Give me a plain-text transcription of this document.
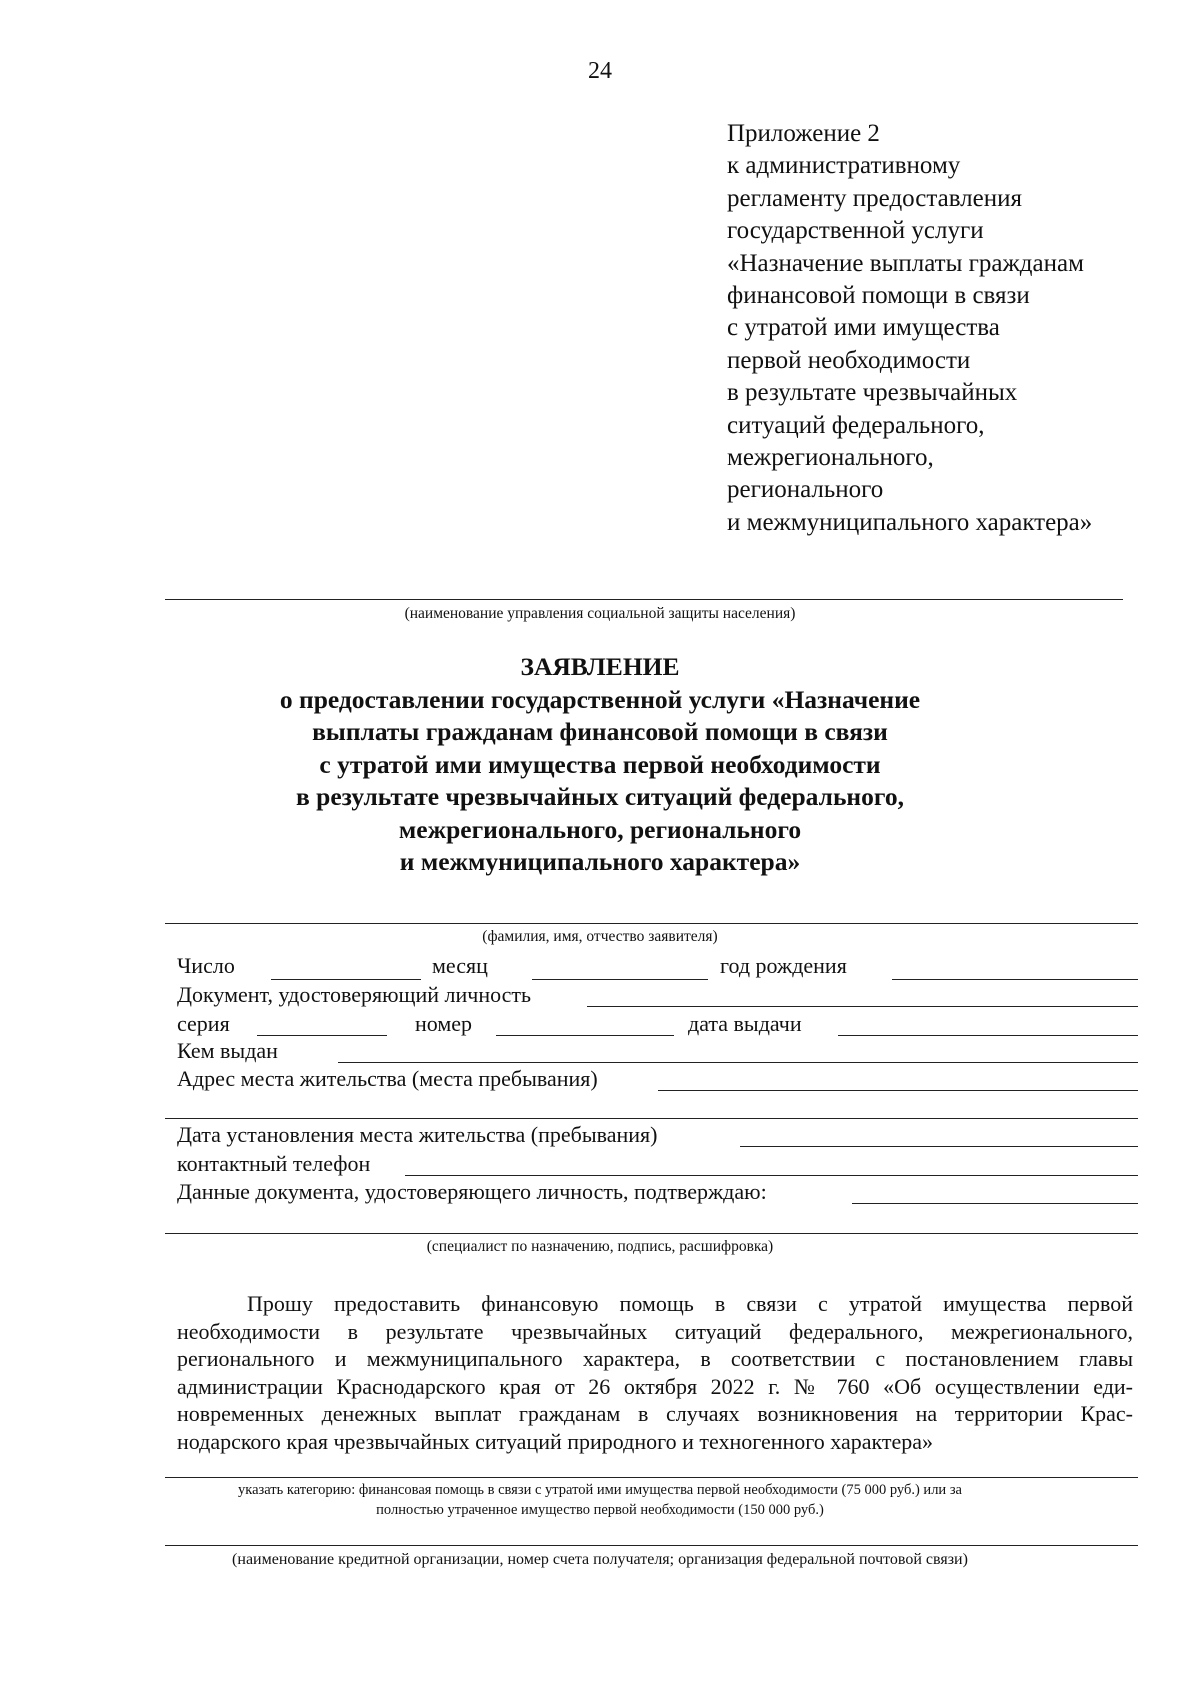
24
Приложение 2
к административному
регламенту предоставления
государственной услуги
«Назначение выплаты гражданам
финансовой помощи в связи
с утратой ими имущества
первой необходимости
в результате чрезвычайных
ситуаций федерального,
межрегионального,
регионального
и межмуниципального характера»
(наименование управления социальной защиты населения)
ЗАЯВЛЕНИЕ
о предоставлении государственной услуги «Назначение
выплаты гражданам финансовой помощи в связи
с утратой ими имущества первой необходимости
в результате чрезвычайных ситуаций федерального,
межрегионального, регионального
и межмуниципального характера»
(фамилия, имя, отчество заявителя)
Число	месяц	год рождения
Документ, удостоверяющий личность
серия	номер	дата выдачи
Кем выдан
Адрес места жительства (места пребывания)
Дата установления места жительства (пребывания)
контактный телефон
Данные документа, удостоверяющего личность, подтверждаю:
(специалист по назначению, подпись, расшифровка)
Прошу предоставить финансовую помощь в связи с утратой имущества первой
необходимости в результате чрезвычайных ситуаций федерального, межрегионального,
регионального и межмуниципального характера, в соответствии с постановлением главы
администрации Краснодарского края от 26 октября 2022 г. № 760 «Об осуществлении еди-
новременных денежных выплат гражданам в случаях возникновения на территории Крас-
нодарского края чрезвычайных ситуаций природного и техногенного характера»
указать категорию: финансовая помощь в связи с утратой ими имущества первой необходимости (75 000 руб.) или за
полностью утраченное имущество первой необходимости (150 000 руб.)
(наименование кредитной организации, номер счета получателя; организация федеральной почтовой связи)
